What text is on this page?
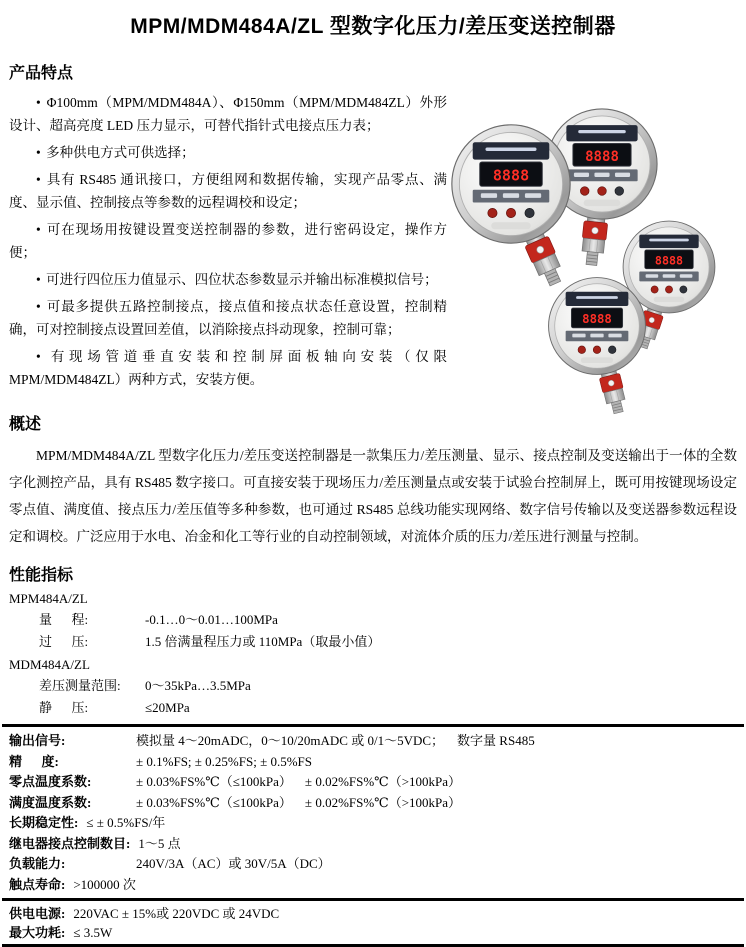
MPM/MDM484A/ZL 型数字化压力/差压变送控制器
产品特点

• Φ100mm（MPM/MDM484A）、Φ150mm（MPM/MDM484ZL）外形设计、超高亮度 LED 压力显示，可替代指针式电接点压力表；

• 多种供电方式可供选择；

• 具有 RS485 通讯接口，方便组网和数据传输，实现产品零点、满度、显示值、控制接点等参数的远程调校和设定；

• 可在现场用按键设置变送控制器的参数，进行密码设定，操作方便；

• 可进行四位压力值显示、四位状态参数显示并输出标准模拟信号；

• 可最多提供五路控制接点，接点值和接点状态任意设置，控制精确，可对控制接点设置回差值，以消除接点抖动现象，控制可靠；

• 有现场管道垂直安装和控制屏面板轴向安装（仅限 MPM/MDM484ZL）两种方式，安装方便。

概述

MPM/MDM484A/ZL 型数字化压力/差压变送控制器是一款集压力/差压测量、显示、接点控制及变送输出于一体的全数字化测控产品，具有 RS485 数字接口。可直接安装于现场压力/差压测量点或安装于试验台控制屏上，既可用按键现场设定零点值、满度值、接点压力/差压值等多种参数，也可通过 RS485 总线功能实现网络、数字信号传输以及变送器参数远程设定和调校。广泛应用于水电、冶金和化工等行业的自动控制领域，对流体介质的压力/差压进行测量与控制。

性能指标
MPM484A/ZL
量      程:	-0.1…0～0.01…100MPa
过      压:	1.5 倍满量程压力或 110MPa（取最小值）
MDM484A/ZL
差压测量范围:	0～35kPa…3.5MPa
静      压:	≤20MPa
输出信号:	模拟量 4～20mADC，0～10/20mADC 或 0/1～5VDC；    数字量 RS485
精      度:	± 0.1%FS; ± 0.25%FS; ± 0.5%FS
零点温度系数:	± 0.03%FS%℃（≤100kPa）    ± 0.02%FS%℃（>100kPa）
满度温度系数:	± 0.03%FS%℃（≤100kPa）    ± 0.02%FS%℃（>100kPa）
长期稳定性: ≤ ± 0.5%FS/年
继电器接点控制数目: 1～5 点
负载能力:	240V/3A（AC）或 30V/5A（DC）
触点寿命: >100000 次
供电电源: 220VAC ± 15%或 220VDC 或 24VDC
最大功耗: ≤ 3.5W
8888
